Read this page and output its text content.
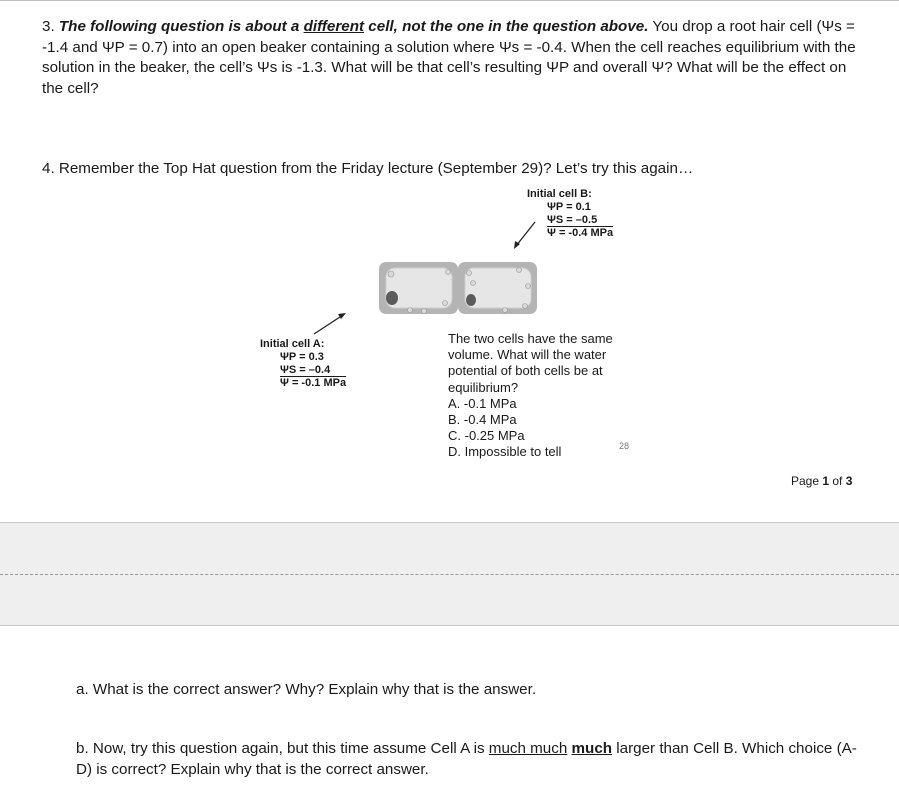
3. The following question is about a different cell, not the one in the question above. You drop a root hair cell (Ψs = -1.4 and ΨP = 0.7) into an open beaker containing a solution where Ψs = -0.4. When the cell reaches equilibrium with the solution in the beaker, the cell’s Ψs is -1.3. What will be that cell’s resulting ΨP and overall Ψ? What will be the effect on the cell?
4. Remember the Top Hat question from the Friday lecture (September 29)? Let’s try this again…
Initial cell B:
ΨP = 0.1
ΨS = –0.5
Ψ = -0.4 MPa
Initial cell A:
ΨP = 0.3
ΨS = –0.4
Ψ = -0.1 MPa
The two cells have the same
volume. What will the water
potential of both cells be at
equilibrium?
A. -0.1 MPa
B. -0.4 MPa
C. -0.25 MPa
D. Impossible to tell	28
Page 1 of 3
a. What is the correct answer? Why? Explain why that is the answer.
b. Now, try this question again, but this time assume Cell A is much much much larger than Cell B. Which choice (A-D) is correct? Explain why that is the correct answer.
